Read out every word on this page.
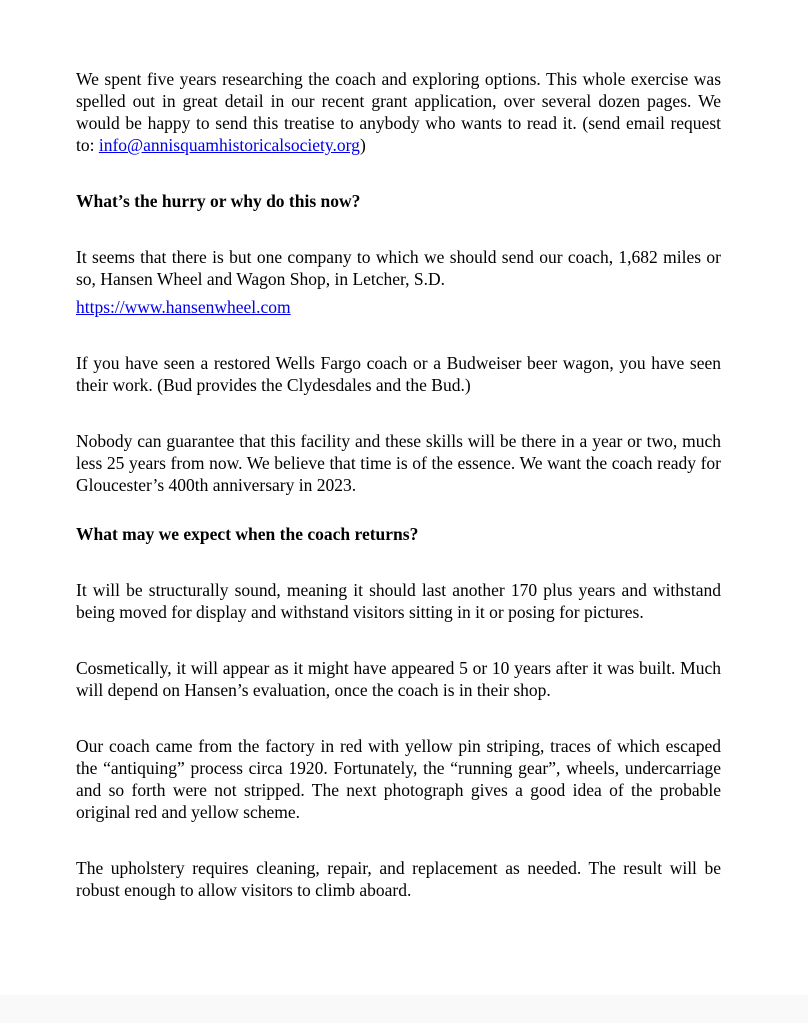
We spent five years researching the coach and exploring options. This whole exercise was spelled out in great detail in our recent grant application, over several dozen pages. We would be happy to send this treatise to anybody who wants to read it. (send email request to: info@annisquamhistoricalsociety.org)

What’s the hurry or why do this now?

It seems that there is but one company to which we should send our coach, 1,682 miles or so, Hansen Wheel and Wagon Shop, in Letcher, S.D.

https://www.hansenwheel.com

If you have seen a restored Wells Fargo coach or a Budweiser beer wagon, you have seen their work. (Bud provides the Clydesdales and the Bud.)

Nobody can guarantee that this facility and these skills will be there in a year or two, much less 25 years from now. We believe that time is of the essence. We want the coach ready for Gloucester’s 400th anniversary in 2023.

What may we expect when the coach returns?

It will be structurally sound, meaning it should last another 170 plus years and withstand being moved for display and withstand visitors sitting in it or posing for pictures.

Cosmetically, it will appear as it might have appeared 5 or 10 years after it was built. Much will depend on Hansen’s evaluation, once the coach is in their shop.

Our coach came from the factory in red with yellow pin striping, traces of which escaped the “antiquing” process circa 1920. Fortunately, the “running gear”, wheels, undercarriage and so forth were not stripped. The next photograph gives a good idea of the probable original red and yellow scheme.

The upholstery requires cleaning, repair, and replacement as needed. The result will be robust enough to allow visitors to climb aboard.
